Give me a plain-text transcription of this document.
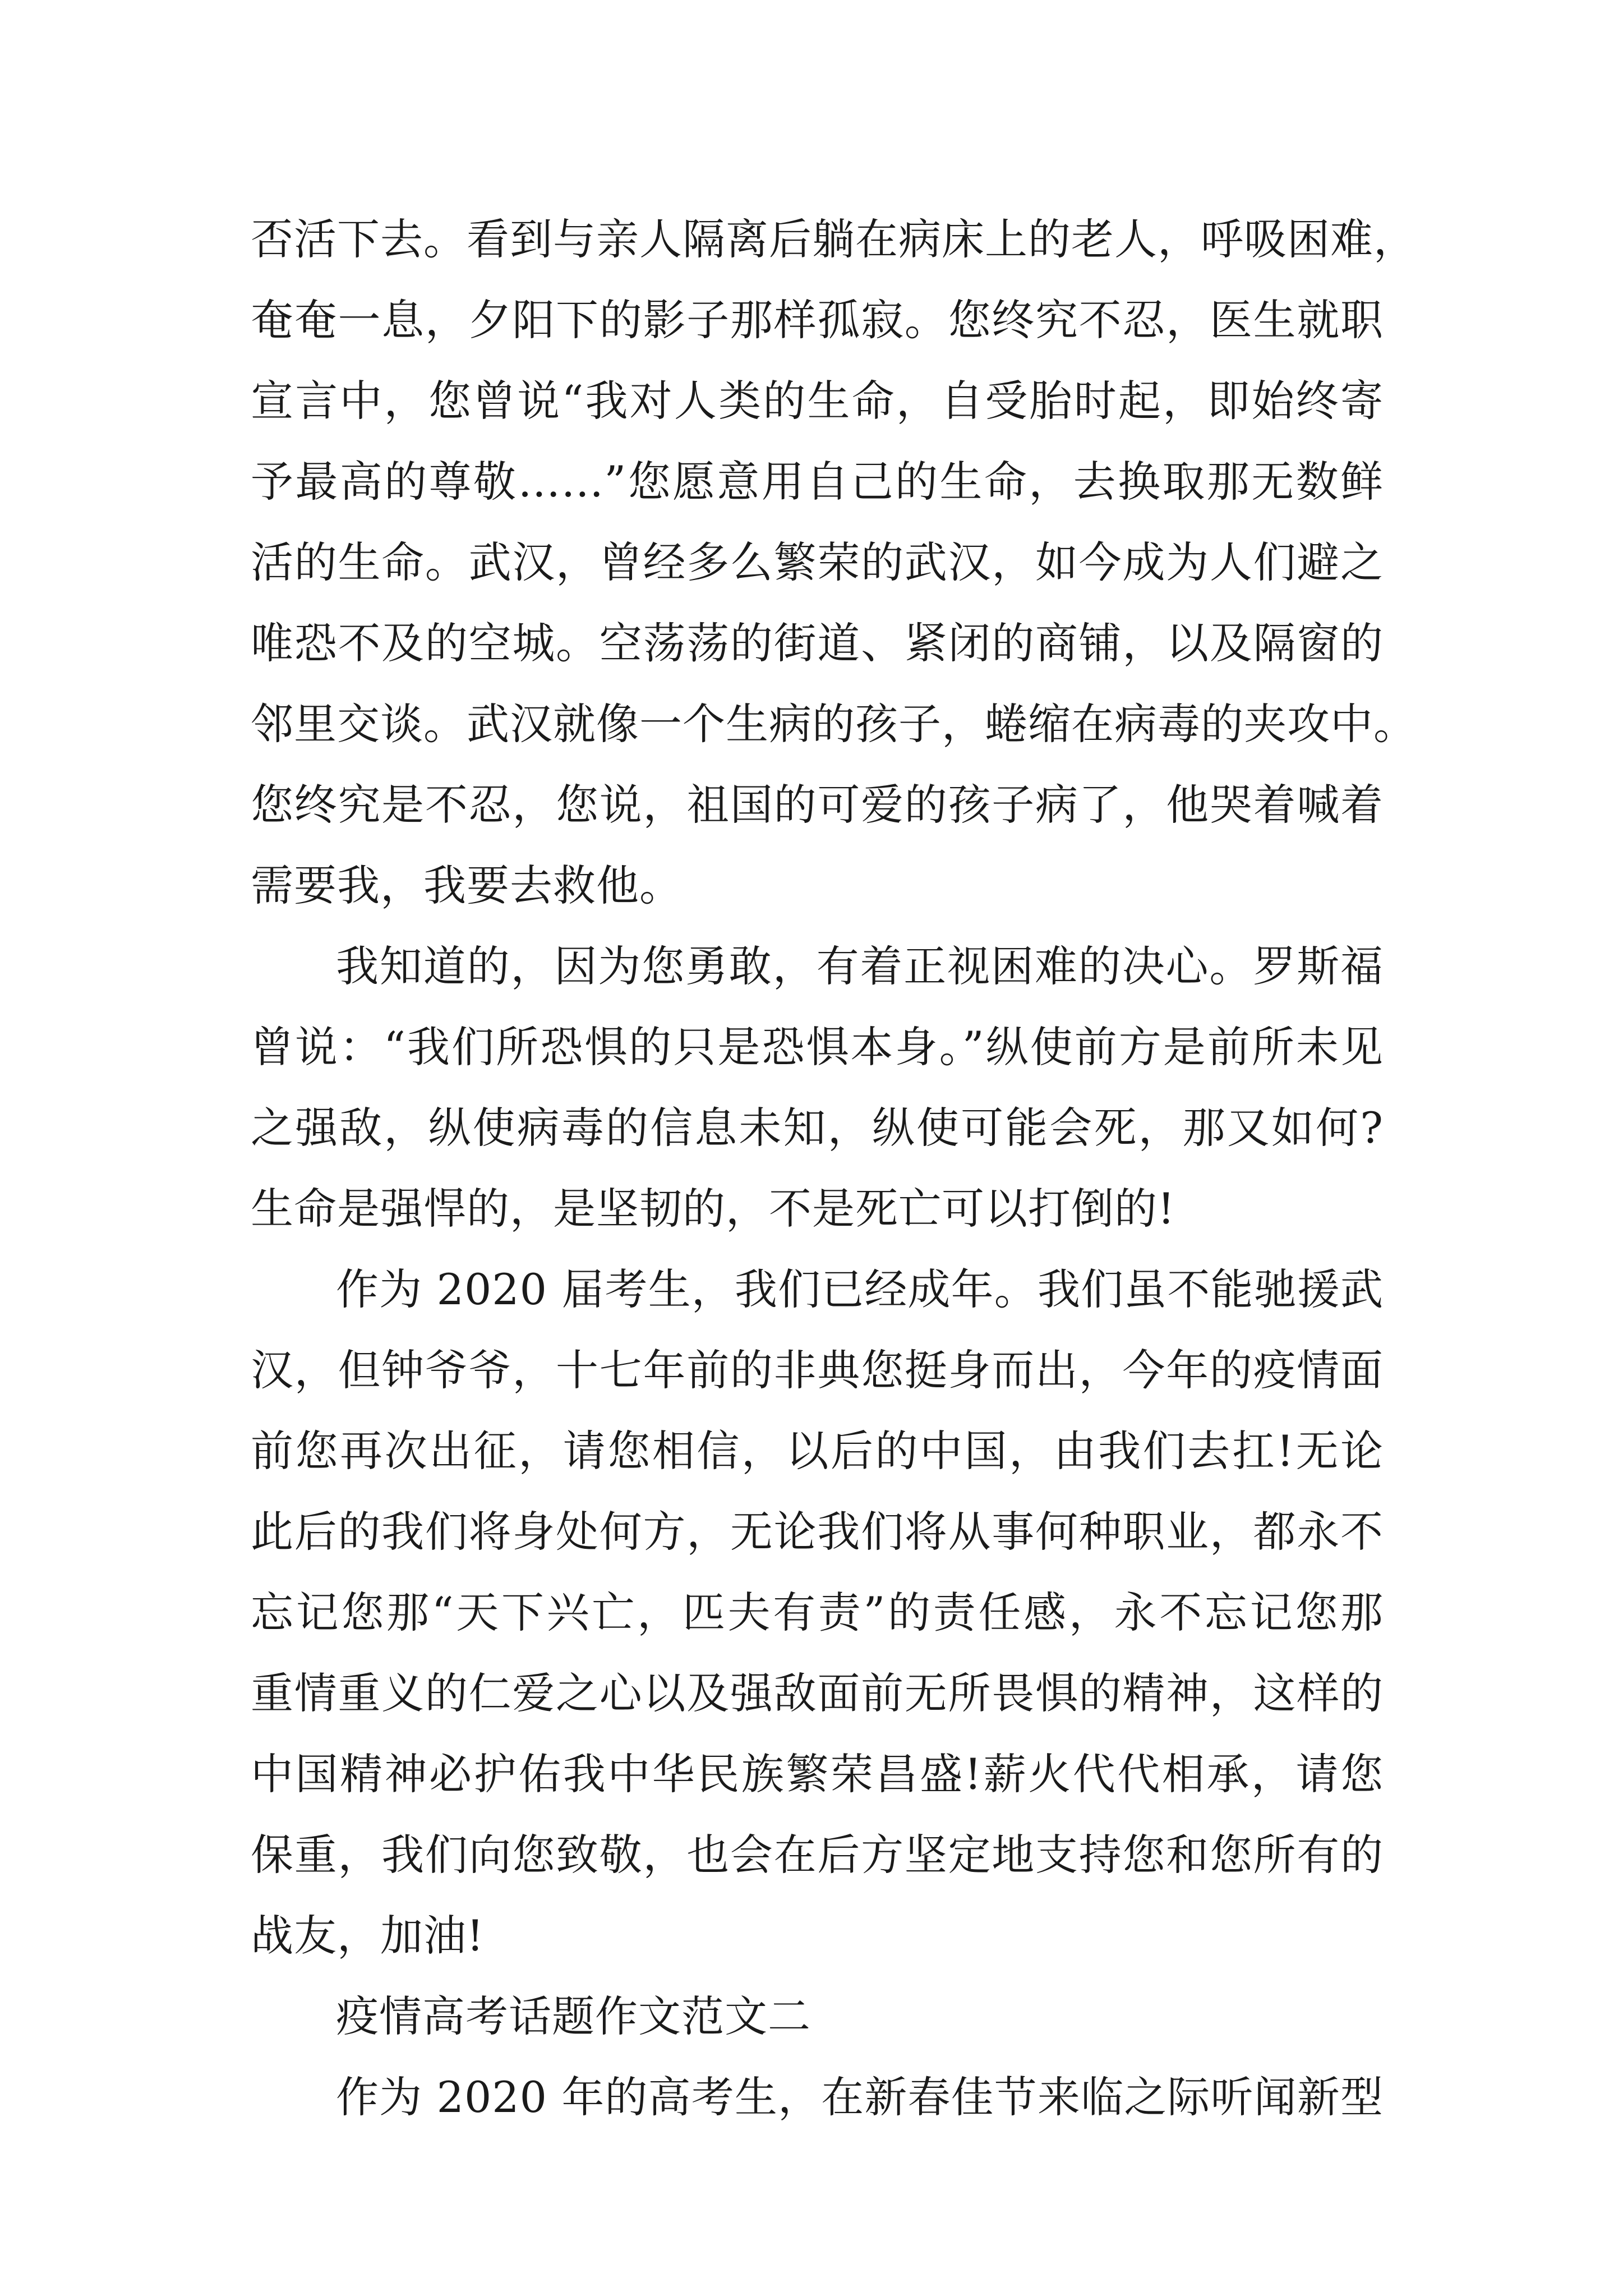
否活下去。看到与亲人隔离后躺在病床上的老人，呼吸困难，
奄奄一息，夕阳下的影子那样孤寂。您终究不忍，医生就职
宣言中，您曾说“我对人类的生命，自受胎时起，即始终寄
予最高的尊敬……”您愿意用自己的生命，去换取那无数鲜
活的生命。武汉，曾经多么繁荣的武汉，如今成为人们避之
唯恐不及的空城。空荡荡的街道、紧闭的商铺，以及隔窗的
邻里交谈。武汉就像一个生病的孩子，蜷缩在病毒的夹攻中。
您终究是不忍，您说，祖国的可爱的孩子病了，他哭着喊着
需要我，我要去救他。
我知道的，因为您勇敢，有着正视困难的决心。罗斯福
曾说：“我们所恐惧的只是恐惧本身。”纵使前方是前所未见
之强敌，纵使病毒的信息未知，纵使可能会死，那又如何?
生命是强悍的，是坚韧的，不是死亡可以打倒的!
作为 2020 届考生，我们已经成年。我们虽不能驰援武
汉，但钟爷爷，十七年前的非典您挺身而出，今年的疫情面
前您再次出征，请您相信，以后的中国，由我们去扛!无论
此后的我们将身处何方，无论我们将从事何种职业，都永不
忘记您那“天下兴亡，匹夫有责”的责任感，永不忘记您那
重情重义的仁爱之心以及强敌面前无所畏惧的精神，这样的
中国精神必护佑我中华民族繁荣昌盛!薪火代代相承，请您
保重，我们向您致敬，也会在后方坚定地支持您和您所有的
战友，加油!
疫情高考话题作文范文二
作为 2020 年的高考生，在新春佳节来临之际听闻新型
